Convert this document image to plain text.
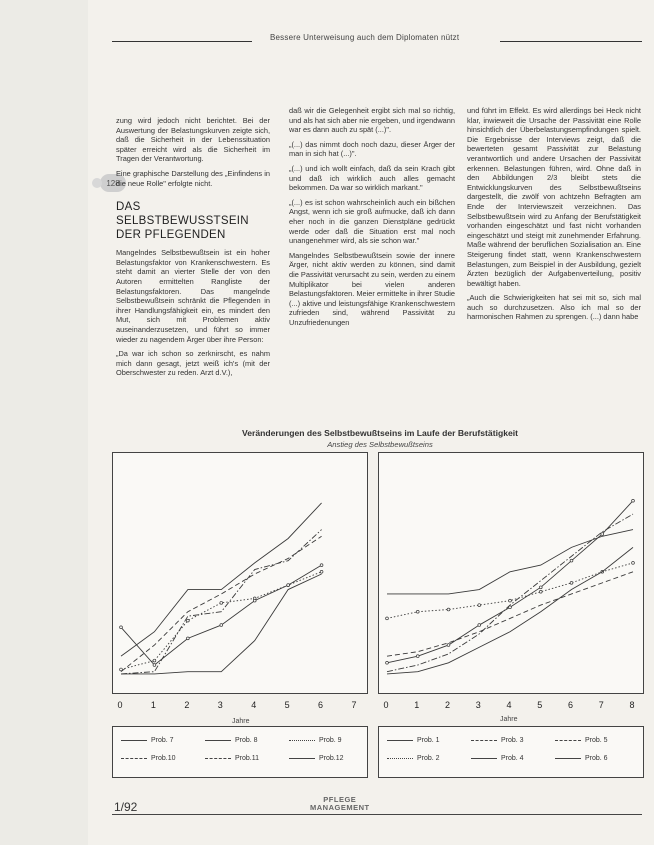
Bessere Unterweisung auch dem Diplomaten nützt
128

zung wird jedoch nicht berichtet. Bei der Auswertung der Belastungskurven zeigte sich, daß die Sicherheit in der Lebenssituation später erreicht wird als die Sicherheit im Tragen der Verantwortung.

Eine graphische Darstellung des „Einfindens in die neue Rolle" erfolgte nicht.

DAS SELBSTBEWUSSTSEIN
DER PFLEGENDEN

Mangelndes Selbstbewußtsein ist ein hoher Belastungsfaktor von Krankenschwestern. Es steht damit an vierter Stelle der von den Autoren ermittelten Rangliste der Belastungsfaktoren. Das mangelnde Selbstbewußtsein schränkt die Pflegenden in ihrer Handlungsfähigkeit ein, es mindert den Mut, sich mit Problemen aktiv auseinanderzusetzen, und führt so immer wieder zu nagendem Ärger über ihre Person:

„Da war ich schon so zerknirscht, es nahm mich dann gesagt, jetzt weiß ich's (mit der Oberschwester zu reden. Arzt d.V.),

daß wir die Gelegenheit ergibt sich mal so richtig, und als hat sich aber nie ergeben, und irgendwann war es dann auch zu spät (...)".

„(...) das nimmt doch noch dazu, dieser Ärger der man in sich hat (...)".

„(...) und ich wollt einfach, daß da sein Krach gibt und daß ich wirklich auch alles gemacht bekommen. Da war so wirklich markant."

„(...) es ist schon wahrscheinlich auch ein bißchen Angst, wenn ich sie groß aufmucke, daß ich dann eher noch in die ganzen Dienstpläne gedrückt werde oder daß die Situation erst mal noch unangenehmer wird, als sie schon war."

Mangelndes Selbstbewußtsein sowie der innere Ärger, nicht aktiv werden zu können, sind damit die Passivität verursacht zu sein, werden zu einem Multiplikator bei vielen anderen Belastungsfaktoren. Meier ermittelte in ihrer Studie (...) aktive und leistungsfähige Krankenschwestern zufrieden sind, während Passivität zu Unzufriedenungen

und führt im Effekt. Es wird allerdings bei Heck nicht klar, inwieweit die Ursache der Passivität eine Rolle hinsichtlich der Überbelastungsempfindungen spielt. Die Ergebnisse der Interviews zeigt, daß die bewerteten gesamt Passivität zur Belastung verantwortlich und andere Ursachen der Passivität erkennen. Belastungen führen, wird. Ohne daß in den Abbildungen 2/3 bleibt stets die Entwicklungskurven des Selbstbewußtseins dargestellt, die zwölf von achtzehn Befragten am Ende der Interviewszeit verzeichnen. Das Selbstbewußtsein wird zu Anfang der Berufstätigkeit vorhanden eingeschätzt und fast nicht vorhanden eingeschätzt und steigt mit zunehmender Erfahrung. Maße während der beruflichen Sozialisation an. Eine Steigerung findet statt, wenn Krankenschwestern Belastungen, zum Beispiel in der Ausbildung, gezielt Ärzten bezüglich der Aufgabenverteilung, positiv bewältigt haben.

„Auch die Schwierigkeiten hat sei mit so, sich mal auch so durchzusetzen. Also ich mal so der harmonischen Rahmen zu sprengen. (...) dann habe

Veränderungen des Selbstbewußtseins im Laufe der Berufstätigkeit
Anstieg des Selbstbewußtseins
0	1	2	3	4	5	6	7	0	1	2	3	4	5	6	7	8
Jahre	Jahre
Prob. 7	Prob. 8	Prob. 9
Prob.10	Prob.11	Prob.12
Prob. 1	Prob. 3	Prob. 5
Prob. 2	Prob. 4	Prob. 6
1/92
PFLEGE
MANAGEMENT
